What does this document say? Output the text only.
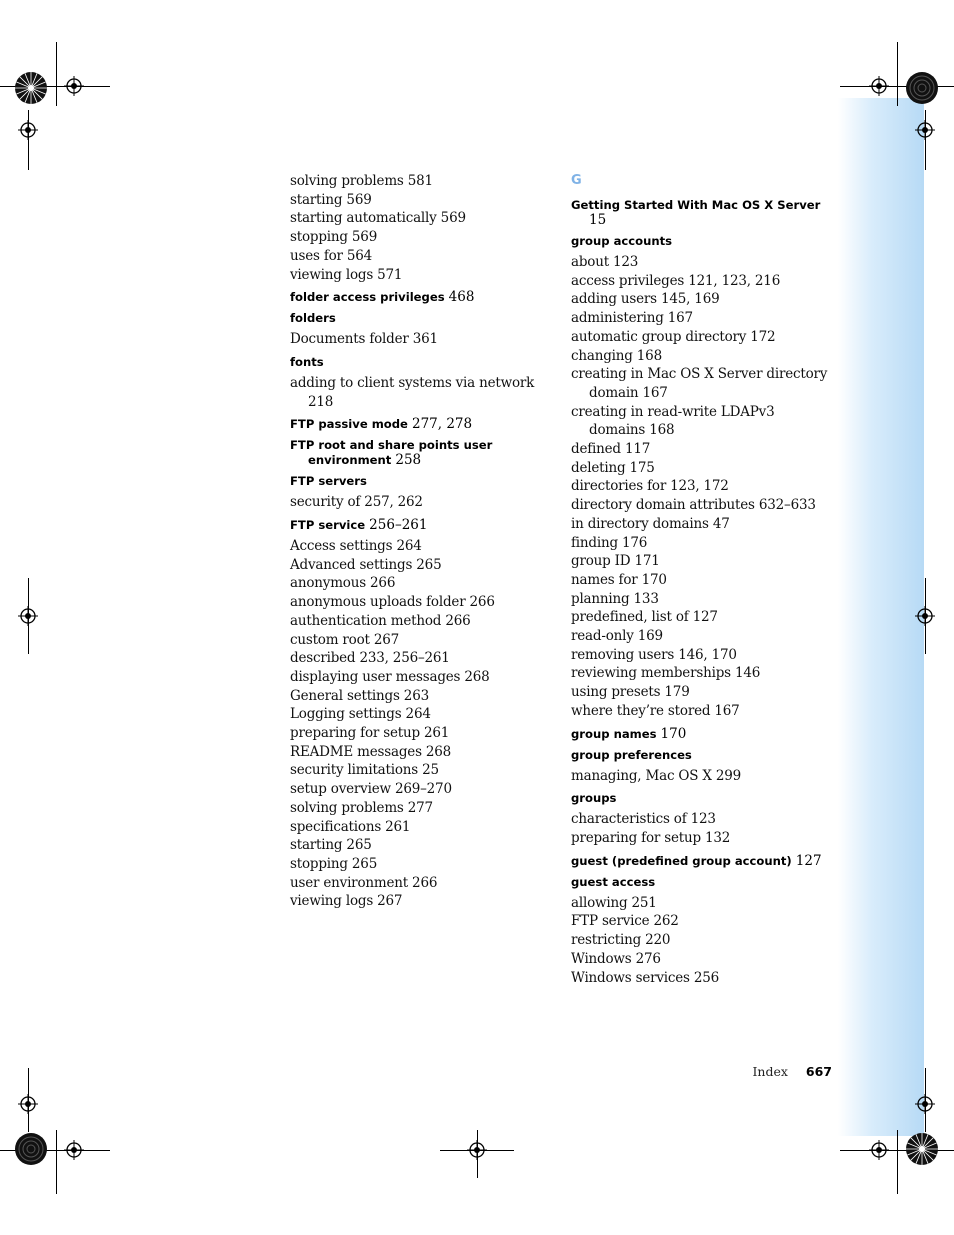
solving problems 581
starting 569
starting automatically 569
stopping 569
uses for 564
viewing logs 571
folder access privileges 468
folders
Documents folder 361
fonts
adding to client systems via network 218
FTP passive mode 277, 278
FTP root and share points user environment 258
FTP servers
security of 257, 262
FTP service 256–261
Access settings 264
Advanced settings 265
anonymous 266
anonymous uploads folder 266
authentication method 266
custom root 267
described 233, 256–261
displaying user messages 268
General settings 263
Logging settings 264
preparing for setup 261
README messages 268
security limitations 25
setup overview 269–270
solving problems 277
specifications 261
starting 265
stopping 265
user environment 266
viewing logs 267
G
Getting Started With Mac OS X Server 15
group accounts
about 123
access privileges 121, 123, 216
adding users 145, 169
administering 167
automatic group directory 172
changing 168
creating in Mac OS X Server directory domain 167
creating in read-write LDAPv3 domains 168
defined 117
deleting 175
directories for 123, 172
directory domain attributes 632–633
in directory domains 47
finding 176
group ID 171
names for 170
planning 133
predefined, list of 127
read-only 169
removing users 146, 170
reviewing memberships 146
using presets 179
where they’re stored 167
group names 170
group preferences
managing, Mac OS X 299
groups
characteristics of 123
preparing for setup 132
guest (predefined group account) 127
guest access
allowing 251
FTP service 262
restricting 220
Windows 276
Windows services 256
Index 667
